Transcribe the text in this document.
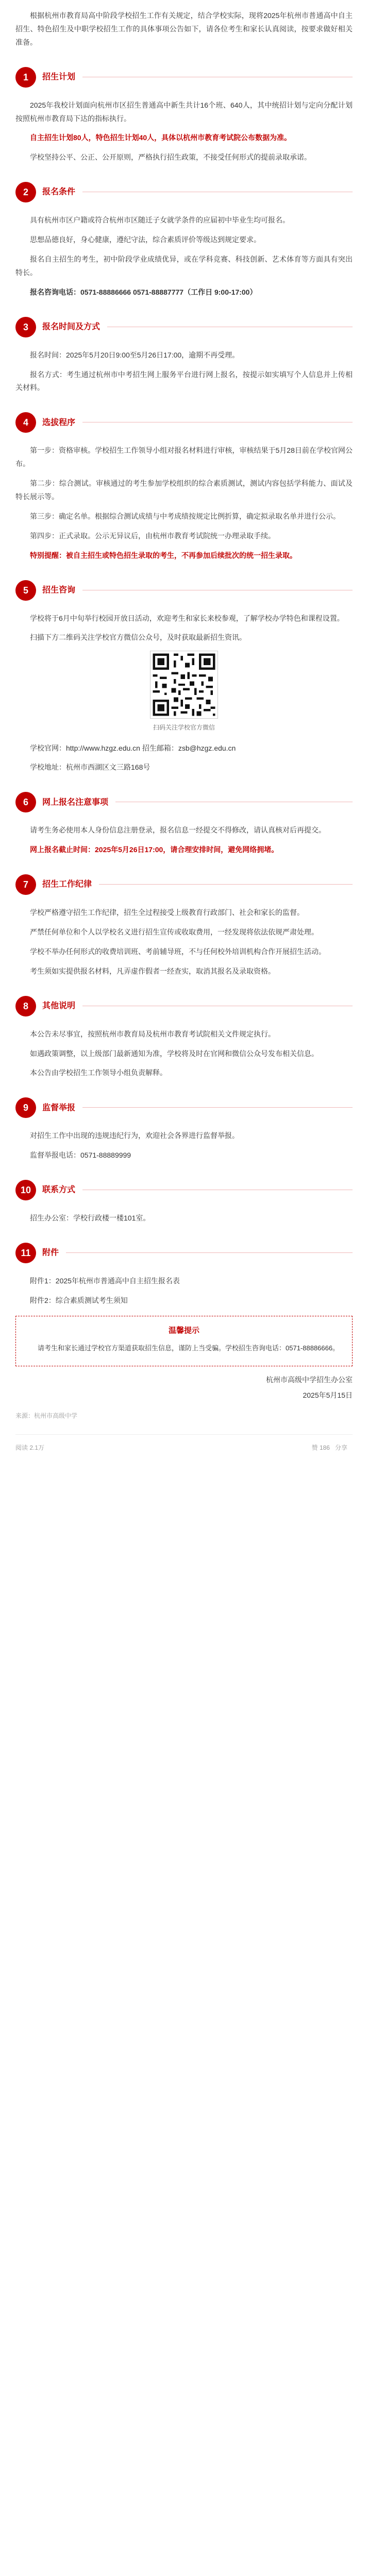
根据杭州市教育局高中阶段学校招生工作有关规定，结合学校实际，现将2025年杭州市普通高中自主招生、特色招生及中职学校招生工作的具体事项公告如下，请各位考生和家长认真阅读，按要求做好相关准备。

1	招生计划

2025年我校计划面向杭州市区招生普通高中新生共计16个班、640人，其中统招计划与定向分配计划按照杭州市教育局下达的指标执行。

自主招生计划80人，特色招生计划40人，具体以杭州市教育考试院公布数据为准。

学校坚持公平、公正、公开原则，严格执行招生政策，不接受任何形式的提前录取承诺。

2	报名条件

具有杭州市区户籍或符合杭州市区随迁子女就学条件的应届初中毕业生均可报名。

思想品德良好，身心健康，遵纪守法，综合素质评价等级达到规定要求。

报名自主招生的考生，初中阶段学业成绩优异，或在学科竞赛、科技创新、艺术体育等方面具有突出特长。

报名咨询电话：0571-88886666 0571-88887777（工作日 9:00-17:00）

3	报名时间及方式

报名时间：2025年5月20日9:00至5月26日17:00，逾期不再受理。

报名方式：考生通过杭州市中考招生网上服务平台进行网上报名，按提示如实填写个人信息并上传相关材料。

4	选拔程序

第一步：资格审核。学校招生工作领导小组对报名材料进行审核，审核结果于5月28日前在学校官网公布。

第二步：综合测试。审核通过的考生参加学校组织的综合素质测试，测试内容包括学科能力、面试及特长展示等。

第三步：确定名单。根据综合测试成绩与中考成绩按规定比例折算，确定拟录取名单并进行公示。

第四步：正式录取。公示无异议后，由杭州市教育考试院统一办理录取手续。

特别提醒：被自主招生或特色招生录取的考生，不再参加后续批次的统一招生录取。

5	招生咨询

学校将于6月中旬举行校园开放日活动，欢迎考生和家长来校参观，了解学校办学特色和课程设置。

扫描下方二维码关注学校官方微信公众号，及时获取最新招生资讯。

扫码关注学校官方微信

学校官网：http://www.hzgz.edu.cn 招生邮箱：zsb@hzgz.edu.cn

学校地址：杭州市西湖区文三路168号

6	网上报名注意事项

请考生务必使用本人身份信息注册登录，报名信息一经提交不得修改，请认真核对后再提交。

网上报名截止时间：2025年5月26日17:00，请合理安排时间，避免网络拥堵。

7	招生工作纪律

学校严格遵守招生工作纪律，招生全过程接受上级教育行政部门、社会和家长的监督。

严禁任何单位和个人以学校名义进行招生宣传或收取费用，一经发现将依法依规严肃处理。

学校不举办任何形式的收费培训班、考前辅导班，不与任何校外培训机构合作开展招生活动。

考生须如实提供报名材料，凡弄虚作假者一经查实，取消其报名及录取资格。

8	其他说明

本公告未尽事宜，按照杭州市教育局及杭州市教育考试院相关文件规定执行。

如遇政策调整，以上级部门最新通知为准，学校将及时在官网和微信公众号发布相关信息。

本公告由学校招生工作领导小组负责解释。

9	监督举报

对招生工作中出现的违规违纪行为，欢迎社会各界进行监督举报。

监督举报电话：0571-88889999

10	联系方式

招生办公室：学校行政楼一楼101室。

11	附件

附件1：2025年杭州市普通高中自主招生报名表

附件2：综合素质测试考生须知

温馨提示

请考生和家长通过学校官方渠道获取招生信息，谨防上当受骗。学校招生咨询电话：0571-88886666。

杭州市高级中学招生办公室

2025年5月15日

来源：杭州市高级中学

阅读 2.1万	赞 186 分享
